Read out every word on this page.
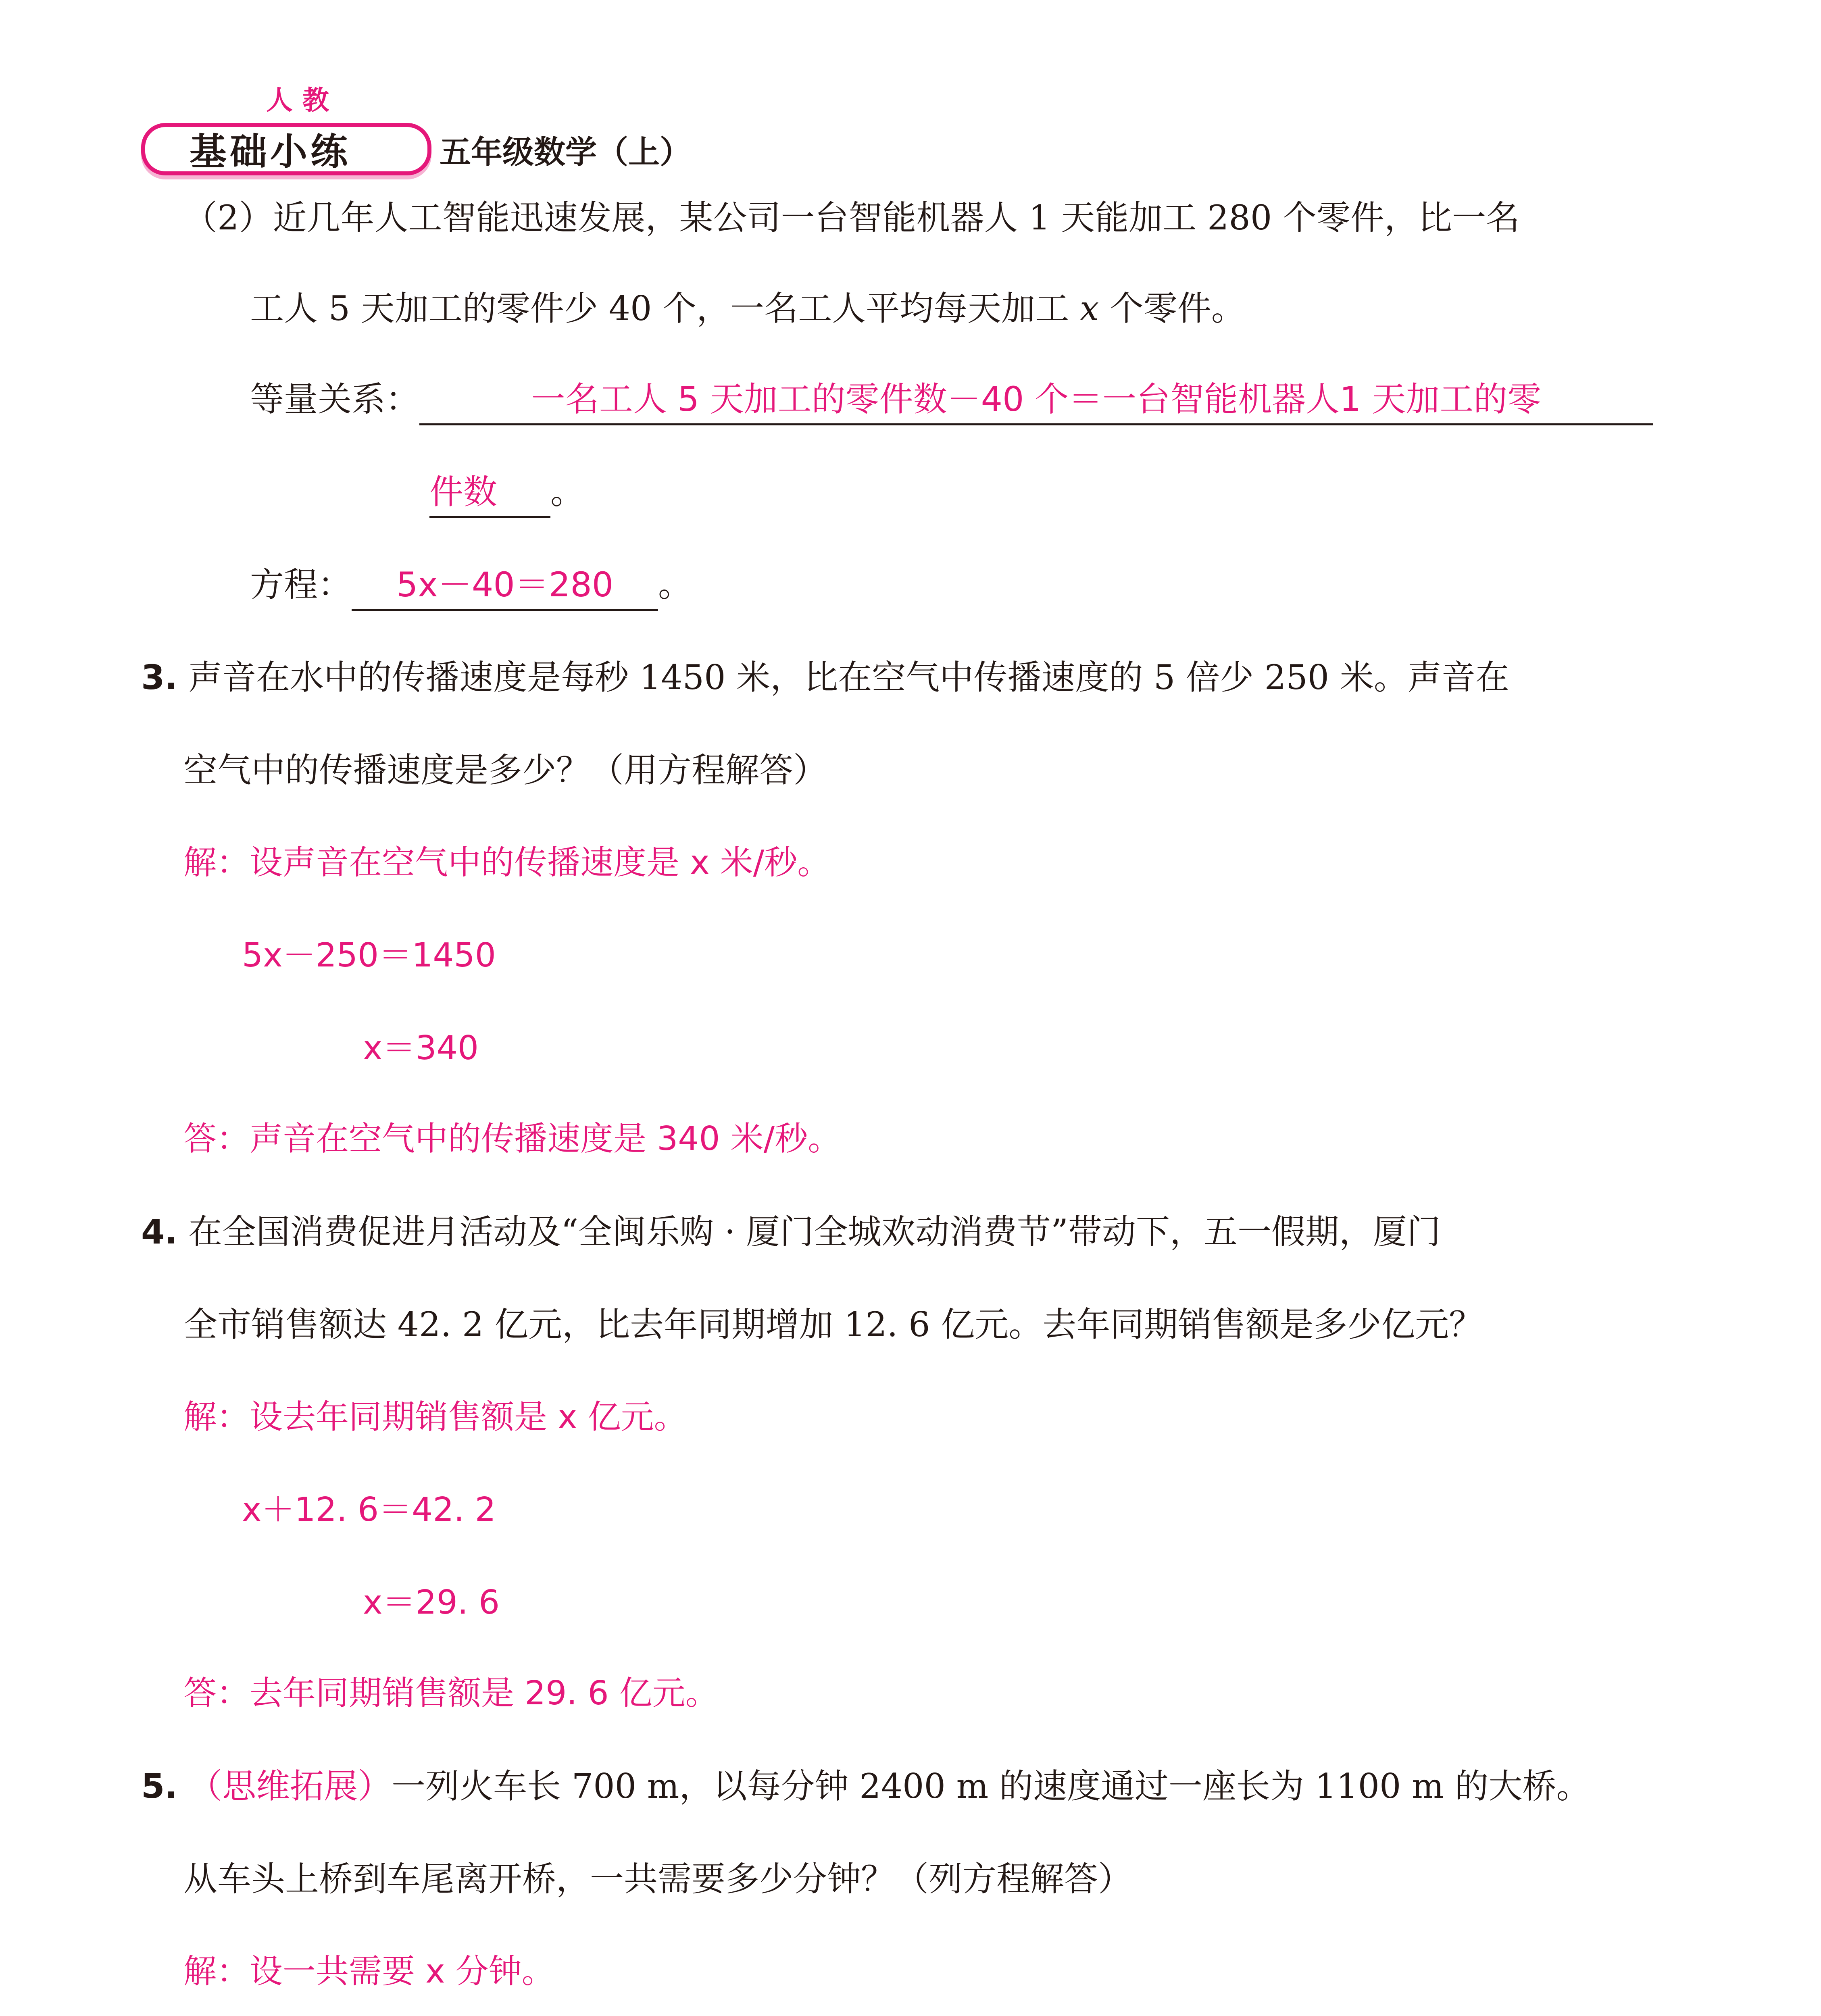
人教
基础小练	五年级数学（上）
（2）近几年人工智能迅速发展，某公司一台智能机器人 1 天能加工 280 个零件，比一名
工人 5 天加工的零件少 40 个，一名工人平均每天加工 x 个零件。
等量关系：	一名工人 5 天加工的零件数－40 个＝一台智能机器人1 天加工的零
件数 。
方程： 5x－40＝280 。
3. 声音在水中的传播速度是每秒 1450 米，比在空气中传播速度的 5 倍少 250 米。声音在
空气中的传播速度是多少？（用方程解答）
解：设声音在空气中的传播速度是 x 米/秒。
5x－250＝1450
x＝340
答：声音在空气中的传播速度是 340 米/秒。
4. 在全国消费促进月活动及“全闽乐购 · 厦门全城欢动消费节”带动下，五一假期，厦门
全市销售额达 42. 2 亿元，比去年同期增加 12. 6 亿元。去年同期销售额是多少亿元？
解：设去年同期销售额是 x 亿元。
x＋12. 6＝42. 2
x＝29. 6
答：去年同期销售额是 29. 6 亿元。
5. （思维拓展）一列火车长 700 m，以每分钟 2400 m 的速度通过一座长为 1100 m 的大桥。
从车头上桥到车尾离开桥，一共需要多少分钟？（列方程解答）
解：设一共需要 x 分钟。
